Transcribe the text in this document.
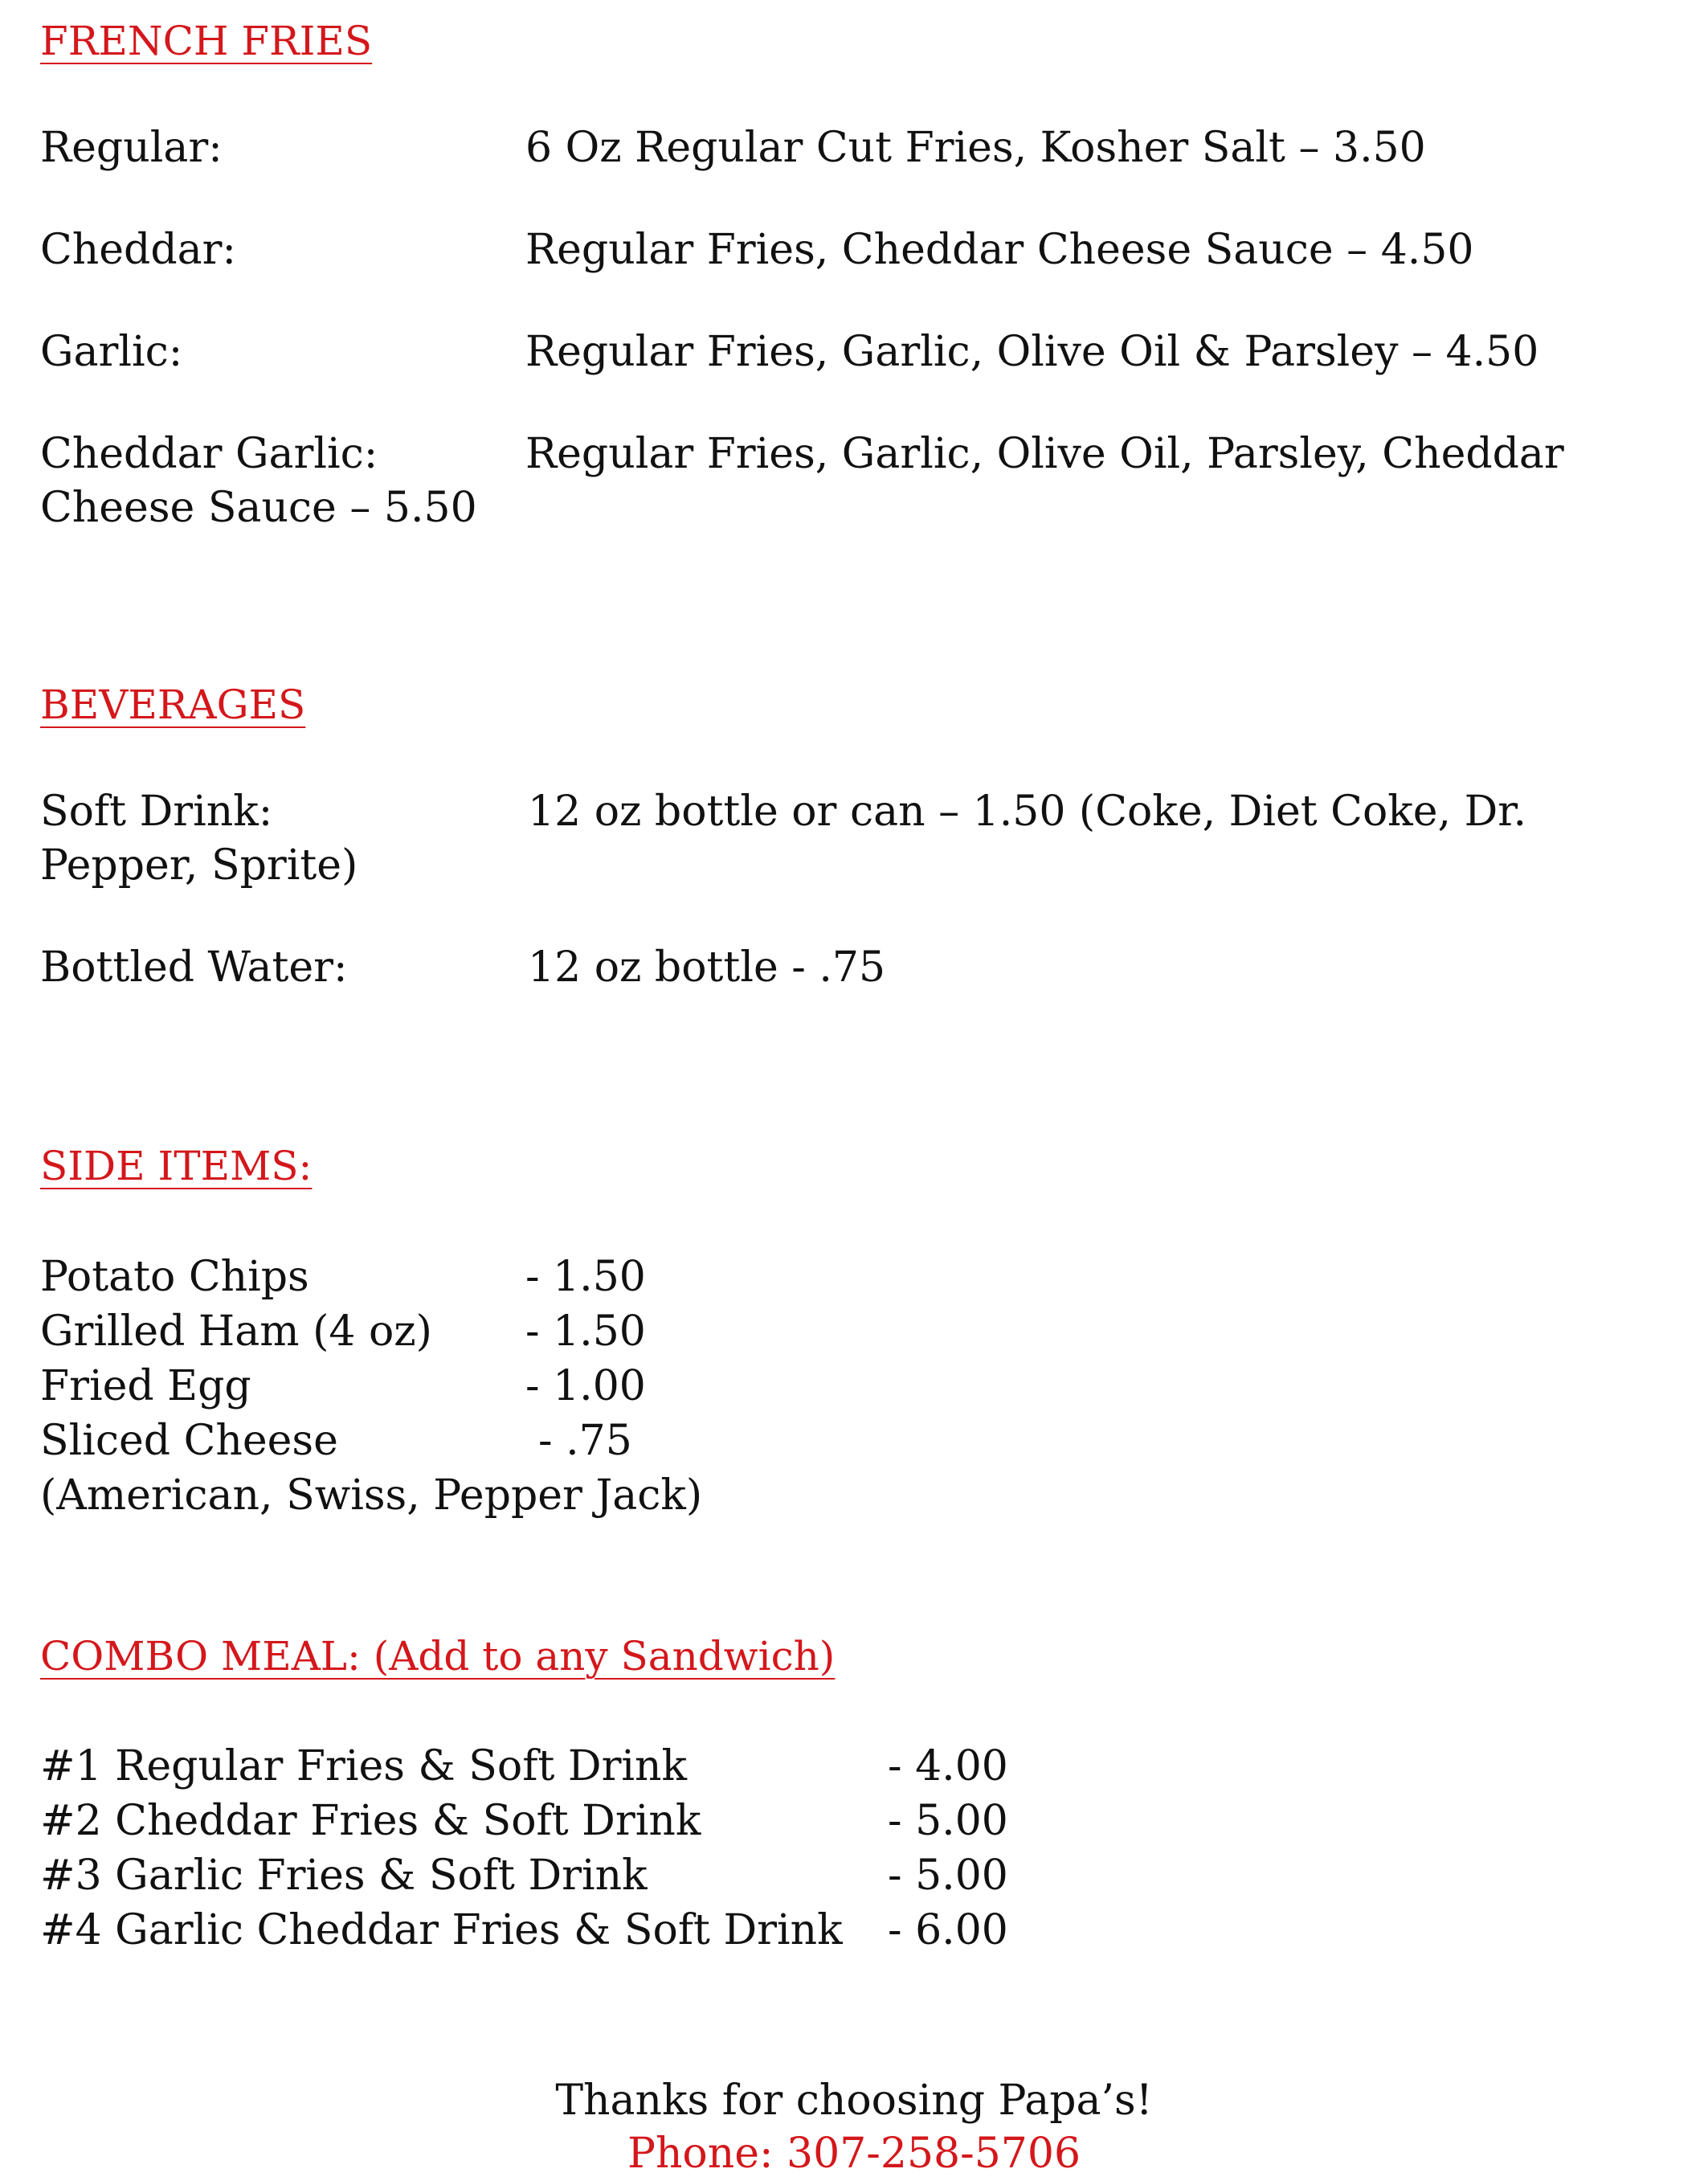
FRENCH FRIES
Regular:	6 Oz Regular Cut Fries, Kosher Salt – 3.50
Cheddar:	Regular Fries, Cheddar Cheese Sauce – 4.50
Garlic:	Regular Fries, Garlic, Olive Oil & Parsley – 4.50
Cheddar Garlic:	Regular Fries, Garlic, Olive Oil, Parsley, Cheddar
Cheese Sauce – 5.50
BEVERAGES
Soft Drink:	12 oz bottle or can – 1.50 (Coke, Diet Coke, Dr.
Pepper, Sprite)
Bottled Water:	12 oz bottle - .75
SIDE ITEMS:
Potato Chips	- 1.50
Grilled Ham (4 oz) - 1.50
Fried Egg	- 1.00
Sliced Cheese	- .75
(American, Swiss, Pepper Jack)
COMBO MEAL: (Add to any Sandwich)
#1 Regular Fries & Soft Drink	- 4.00
#2 Cheddar Fries & Soft Drink	- 5.00
#3 Garlic Fries & Soft Drink	- 5.00
#4 Garlic Cheddar Fries & Soft Drink - 6.00
Thanks for choosing Papa’s!
Phone: 307-258-5706
